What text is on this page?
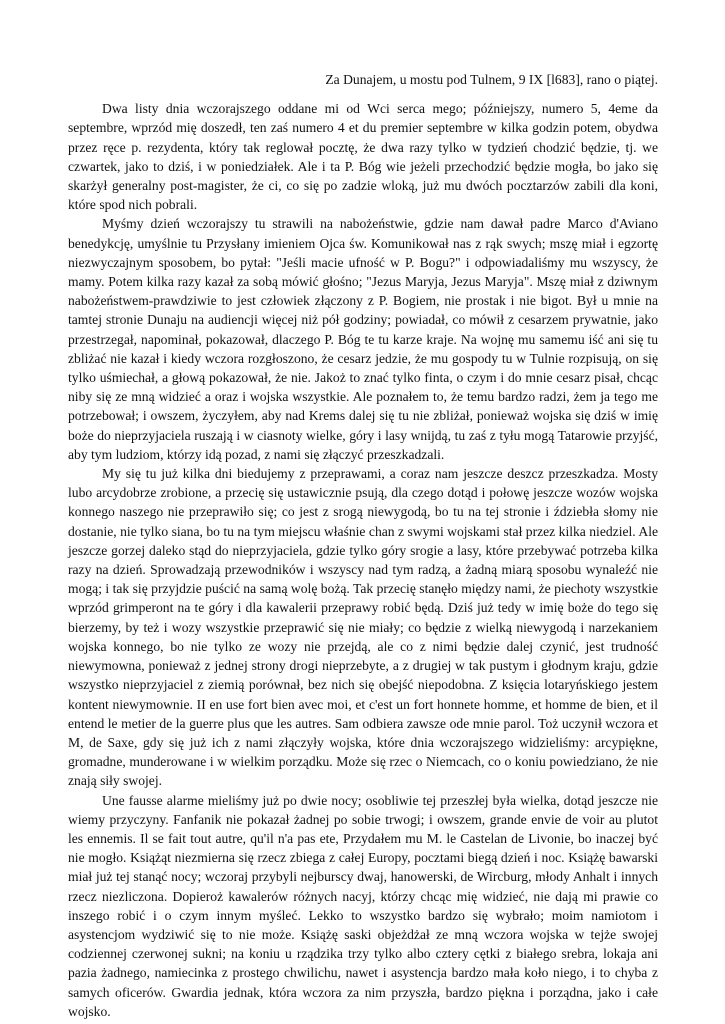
Za Dunajem, u mostu pod Tulnem, 9 IX [l683], rano o piątej.

Dwa listy dnia wczorajszego oddane mi od Wci serca mego; późniejszy, numero 5, 4eme da septembre, wprzód mię doszedł, ten zaś numero 4 et du premier septembre w kilka godzin potem, obydwa przez ręce p. rezydenta, który tak reglował pocztę, że dwa razy tylko w tydzień chodzić będzie, tj. we czwartek, jako to dziś, i w poniedziałek. Ale i ta P. Bóg wie jeżeli przechodzić będzie mogła, bo jako się skarżył generalny post-magister, że ci, co się po zadzie wloką, już mu dwóch pocztarzów zabili dla koni, które spod nich pobrali.

Myśmy dzień wczorajszy tu strawili na nabożeństwie, gdzie nam dawał padre Marco d'Aviano benedykcję, umyślnie tu Przysłany imieniem Ojca św. Komunikował nas z rąk swych; mszę miał i egzortę niezwyczajnym sposobem, bo pytał: "Jeśli macie ufność w P. Bogu?" i odpowiadaliśmy mu wszyscy, że mamy. Potem kilka razy kazał za sobą mówić głośno; "Jezus Maryja, Jezus Maryja". Mszę miał z dziwnym nabożeństwem-prawdziwie to jest człowiek złączony z P. Bogiem, nie prostak i nie bigot. Był u mnie na tamtej stronie Dunaju na audiencji więcej niż pół godziny; powiadał, co mówił z cesarzem prywatnie, jako przestrzegał, napominał, pokazował, dlaczego P. Bóg te tu karze kraje. Na wojnę mu samemu iść ani się tu zbliżać nie kazał i kiedy wczora rozgłoszono, że cesarz jedzie, że mu gospody tu w Tulnie rozpisują, on się tylko uśmiechał, a głową pokazował, że nie. Jakoż to znać tylko finta, o czym i do mnie cesarz pisał, chcąc niby się ze mną widzieć a oraz i wojska wszystkie. Ale poznałem to, że temu bardzo radzi, żem ja tego me potrzebował; i owszem, życzyłem, aby nad Krems dalej się tu nie zbliżał, ponieważ wojska się dziś w imię boże do nieprzyjaciela ruszają i w ciasnoty wielke, góry i lasy wnijdą, tu zaś z tyłu mogą Tatarowie przyjść, aby tym ludziom, którzy idą pozad, z nami się złączyć przeszkadzali.

My się tu już kilka dni biedujemy z przeprawami, a coraz nam jeszcze deszcz przeszkadza. Mosty lubo arcydobrze zrobione, a przecię się ustawicznie psują, dla czego dotąd i połowę jeszcze wozów wojska konnego naszego nie przeprawiło się; co jest z srogą niewygodą, bo tu na tej stronie i ździebła słomy nie dostanie, nie tylko siana, bo tu na tym miejscu właśnie chan z swymi wojskami stał przez kilka niedziel. Ale jeszcze gorzej daleko stąd do nieprzyjaciela, gdzie tylko góry srogie a lasy, które przebywać potrzeba kilka razy na dzień. Sprowadzają przewodników i wszyscy nad tym radzą, a żadną miarą sposobu wynaleźć nie mogą; i tak się przyjdzie puścić na samą wolę bożą. Tak przecię stanęło między nami, że piechoty wszystkie wprzód grimperont na te góry i dla kawalerii przeprawy robić będą. Dziś już tedy w imię boże do tego się bierzemy, by też i wozy wszystkie przeprawić się nie miały; co będzie z wielką niewygodą i narzekaniem wojska konnego, bo nie tylko ze wozy nie przejdą, ale co z nimi będzie dalej czynić, jest trudność niewymowna, ponieważ z jednej strony drogi nieprzebyte, a z drugiej w tak pustym i głodnym kraju, gdzie wszystko nieprzyjaciel z ziemią porównał, bez nich się obejść niepodobna. Z księcia lotaryńskiego jestem kontent niewymownie. II en use fort bien avec moi, et c'est un fort honnete homme, et homme de bien, et il entend le metier de la guerre plus que les autres. Sam odbiera zawsze ode mnie parol. Toż uczynił wczora et M, de Saxe, gdy się już ich z nami złączyły wojska, które dnia wczorajszego widzieliśmy: arcypiękne, gromadne, munderowane i w wielkim porządku. Może się rzec o Niemcach, co o koniu powiedziano, że nie znają siły swojej.

Une fausse alarme mieliśmy już po dwie nocy; osobliwie tej przeszłej była wielka, dotąd jeszcze nie wiemy przyczyny. Fanfanik nie pokazał żadnej po sobie trwogi; i owszem, grande envie de voir au plutot les ennemis. Il se fait tout autre, qu'il n'a pas ete, Przydałem mu M. le Castelan de Livonie, bo inaczej być nie mogło. Książąt niezmierna się rzecz zbiega z całej Europy, pocztami biegą dzień i noc. Książę bawarski miał już tej stanąć nocy; wczoraj przybyli nejburscy dwaj, hanowerski, de Wircburg, młody Anhalt i innych rzecz niezliczona. Dopieroż kawalerów różnych nacyj, którzy chcąc mię widzieć, nie dają mi prawie co inszego robić i o czym innym myśleć. Lekko to wszystko bardzo się wybrało; moim namiotom i asystencjom wydziwić się to nie może. Książę saski objeżdżał ze mną wczora wojska w tejże swojej codziennej czerwonej sukni; na koniu u rządzika trzy tylko albo cztery cętki z białego srebra, lokaja ani pazia żadnego, namiecinka z prostego chwilichu, nawet i asystencja bardzo mała koło niego, i to chyba z samych oficerów. Gwardia jednak, która wczora za nim przyszła, bardzo piękna i porządna, jako i całe wojsko.
